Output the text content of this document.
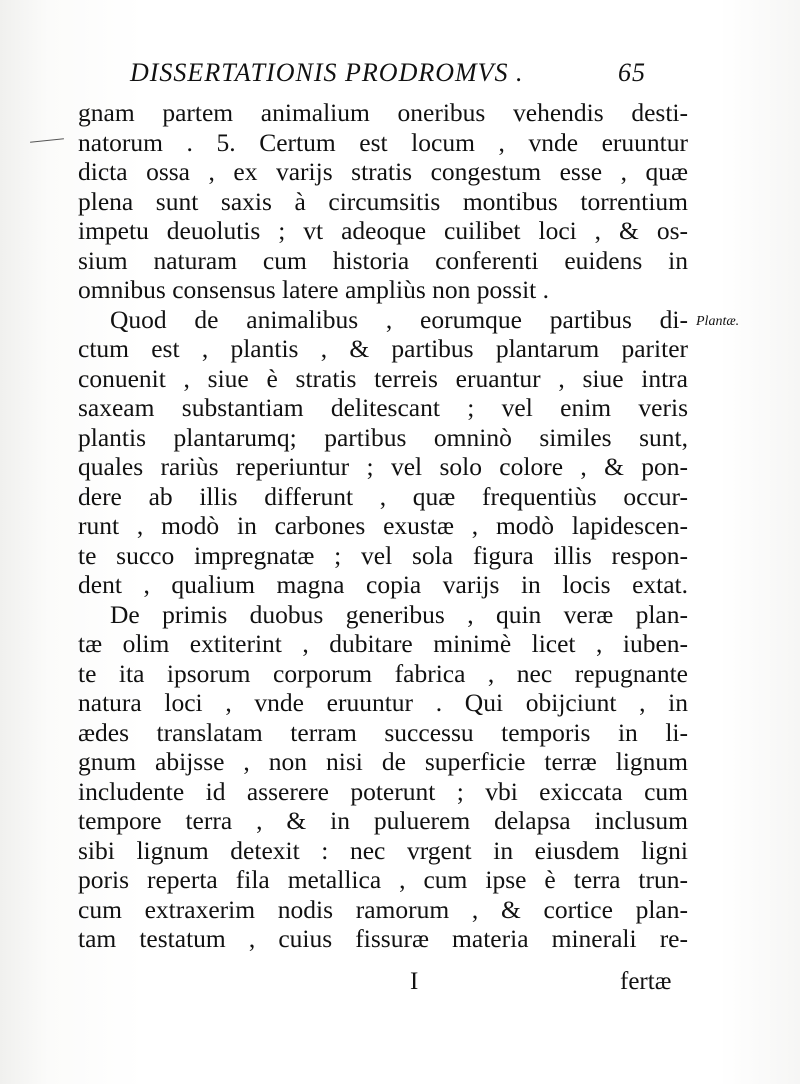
DISSERTATIONIS PRODROMVS .	65
gnam partem animalium oneribus vehendis desti-
natorum . 5. Certum est locum , vnde eruuntur
dicta ossa , ex varijs stratis congestum esse , quæ
plena sunt saxis à circumsitis montibus torrentium
impetu deuolutis ; vt adeoque cuilibet loci , & os-
sium naturam cum historia conferenti euidens in
omnibus consensus latere ampliùs non possit .
Quod de animalibus , eorumque partibus di-
ctum est , plantis , & partibus plantarum pariter
conuenit , siue è stratis terreis eruantur , siue intra
saxeam substantiam delitescant ; vel enim veris
plantis plantarumq; partibus omninò similes sunt,
quales rariùs reperiuntur ; vel solo colore , & pon-
dere ab illis differunt , quæ frequentiùs occur-
runt , modò in carbones exustæ , modò lapidescen-
te succo impregnatæ ; vel sola figura illis respon-
dent , qualium magna copia varijs in locis extat.
De primis duobus generibus , quin veræ plan-
tæ olim extiterint , dubitare minimè licet , iuben-
te ita ipsorum corporum fabrica , nec repugnante
natura loci , vnde eruuntur . Qui obijciunt , in
ædes translatam terram successu temporis in li-
gnum abijsse , non nisi de superficie terræ lignum
includente id asserere poterunt ; vbi exiccata cum
tempore terra , & in puluerem delapsa inclusum
sibi lignum detexit : nec vrgent in eiusdem ligni
poris reperta fila metallica , cum ipse è terra trun-
cum extraxerim nodis ramorum , & cortice plan-
tam testatum , cuius fissuræ materia minerali re-
Plantæ.
I	fertæ
